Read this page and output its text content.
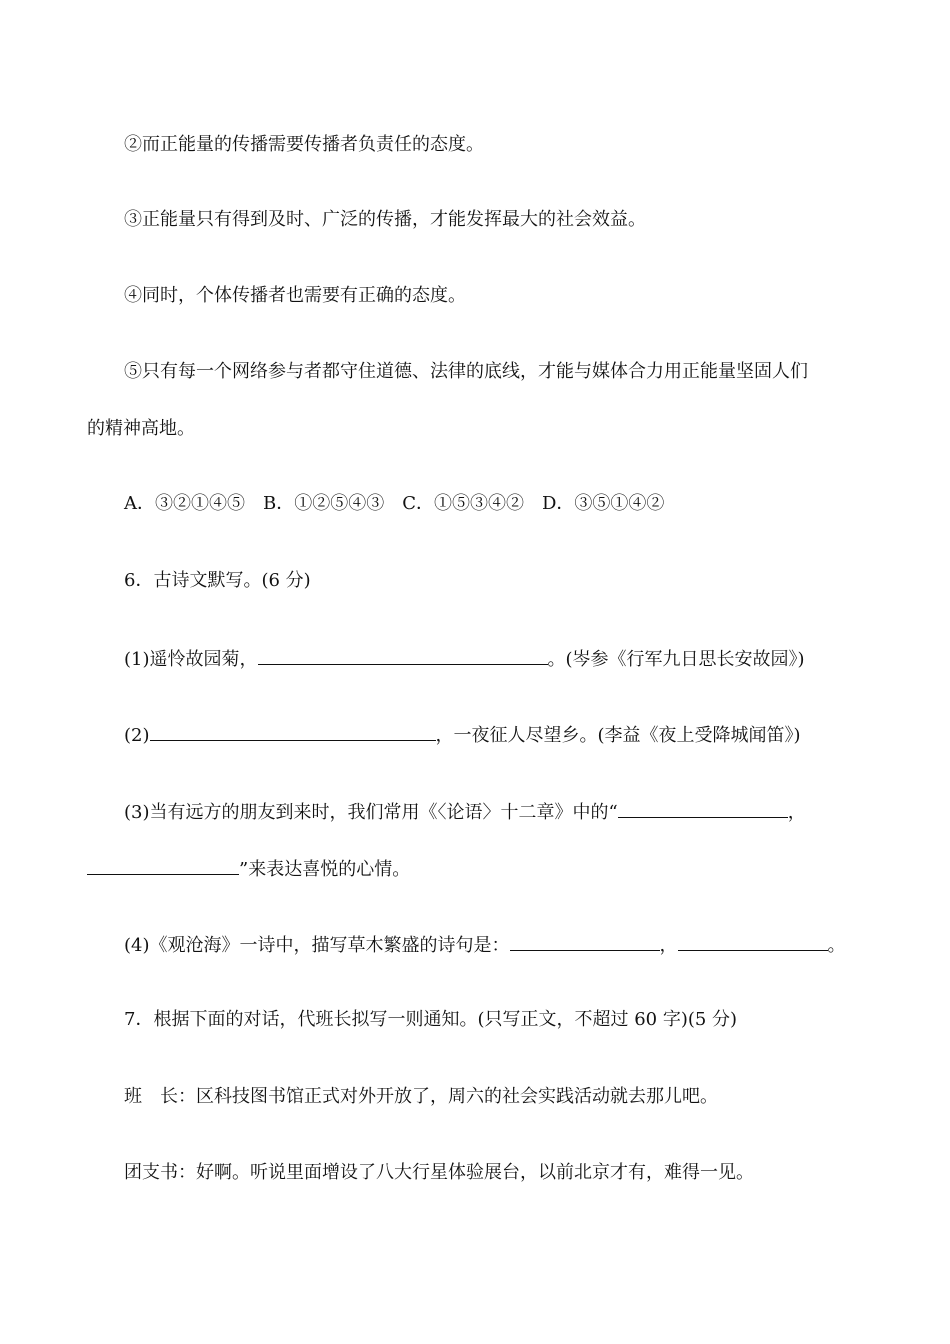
②而正能量的传播需要传播者负责任的态度。
③正能量只有得到及时、广泛的传播，才能发挥最大的社会效益。
④同时，个体传播者也需要有正确的态度。
⑤只有每一个网络参与者都守住道德、法律的底线，才能与媒体合力用正能量坚固人们
的精神高地。
A．③②①④⑤　B．①②⑤④③　C．①⑤③④②　D．③⑤①④②
6．古诗文默写。(6 分)
(1)遥怜故园菊，	。(岑参《行军九日思长安故园》)
(2)	，一夜征人尽望乡。(李益《夜上受降城闻笛》)
(3)当有远方的朋友到来时，我们常用《〈论语〉十二章》中的“	，
”来表达喜悦的心情。
(4)《观沧海》一诗中，描写草木繁盛的诗句是：	，	。
7．根据下面的对话，代班长拟写一则通知。(只写正文，不超过 60 字)(5 分)
班　长：区科技图书馆正式对外开放了，周六的社会实践活动就去那儿吧。
团支书：好啊。听说里面增设了八大行星体验展台，以前北京才有，难得一见。
